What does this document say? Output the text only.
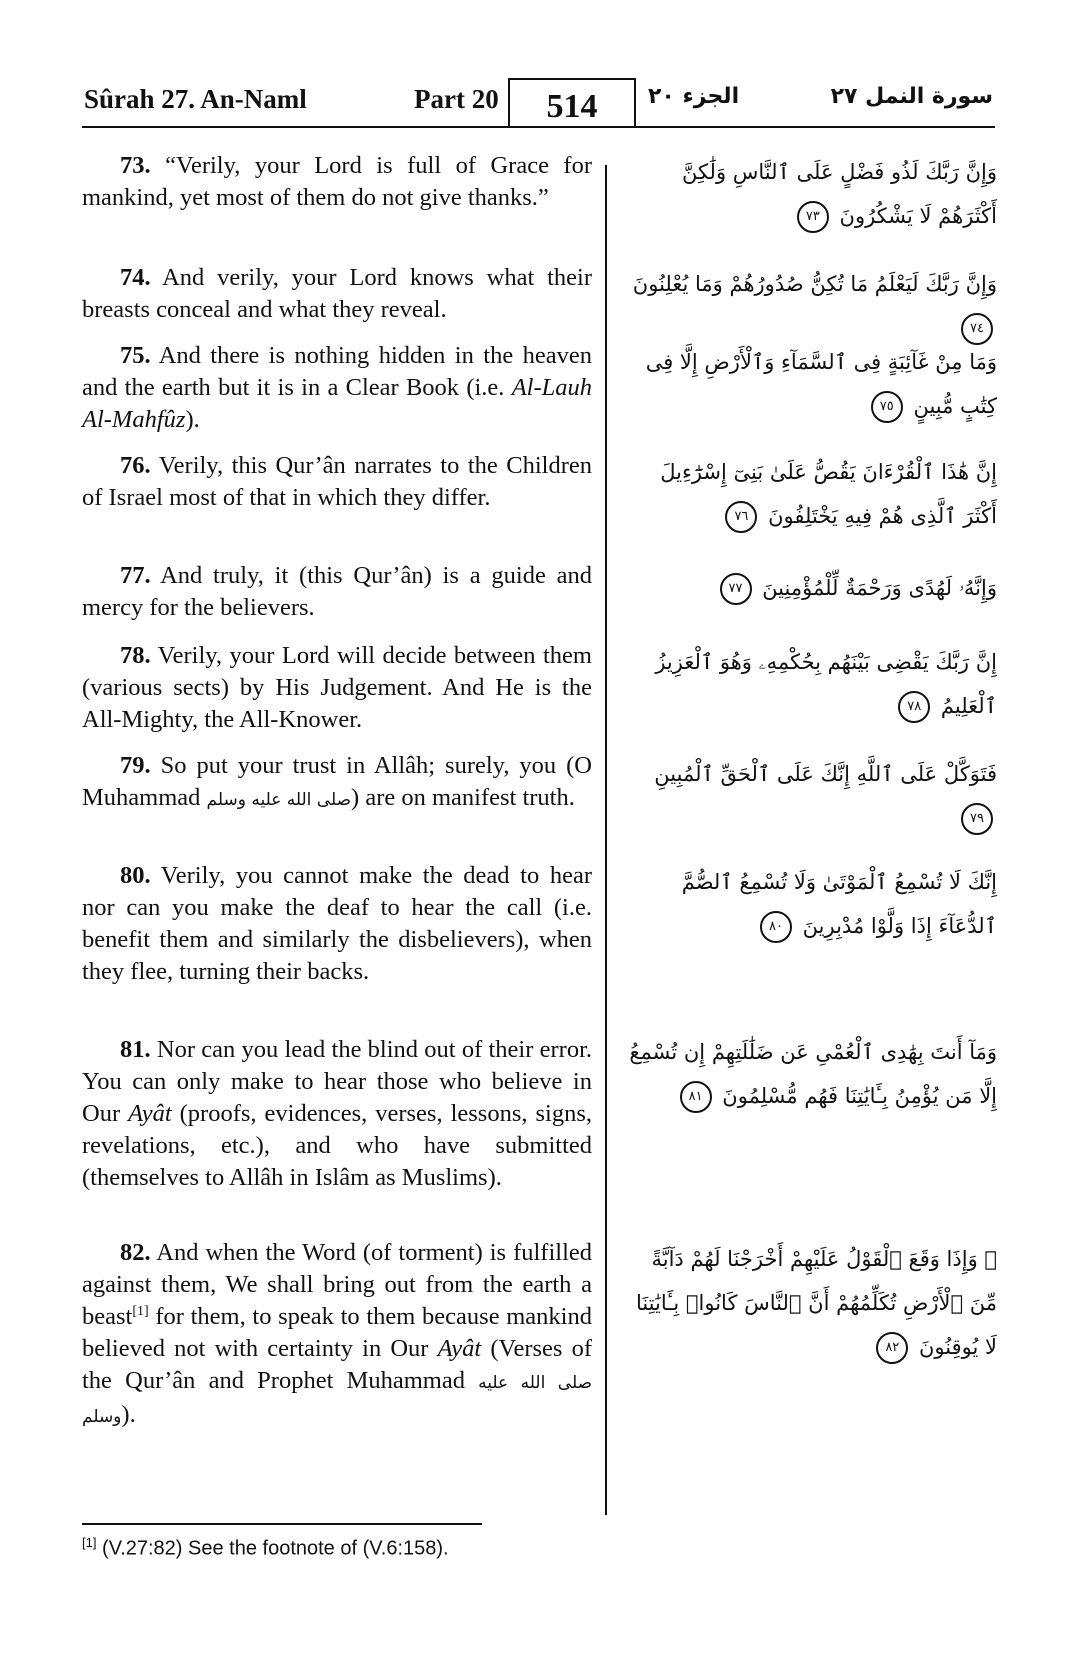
Sûrah 27. An-Naml	Part 20	514	الجزء ٢٠	سورة النمل ٢٧
73. “Verily, your Lord is full of Grace for mankind, yet most of them do not give thanks.”
وَإِنَّ رَبَّكَ لَذُو فَضْلٍ عَلَى ٱلنَّاسِ وَلَٰكِنَّ أَكْثَرَهُمْ لَا يَشْكُرُونَ ٧٣
74. And verily, your Lord knows what their breasts conceal and what they reveal.
وَإِنَّ رَبَّكَ لَيَعْلَمُ مَا تُكِنُّ صُدُورُهُمْ وَمَا يُعْلِنُونَ ٧٤
75. And there is nothing hidden in the heaven and the earth but it is in a Clear Book (i.e. Al-Lauh Al-Mahfûz).
وَمَا مِنْ غَآئِبَةٍ فِى ٱلسَّمَآءِ وَٱلْأَرْضِ إِلَّا فِى كِتَٰبٍ مُّبِينٍ ٧٥
76. Verily, this Qur’ân narrates to the Children of Israel most of that in which they differ.
إِنَّ هَٰذَا ٱلْقُرْءَانَ يَقُصُّ عَلَىٰ بَنِىٓ إِسْرَٰٓءِيلَ أَكْثَرَ ٱلَّذِى هُمْ فِيهِ يَخْتَلِفُونَ ٧٦
77. And truly, it (this Qur’ân) is a guide and mercy for the believers.
وَإِنَّهُۥ لَهُدًى وَرَحْمَةٌ لِّلْمُؤْمِنِينَ ٧٧
78. Verily, your Lord will decide between them (various sects) by His Judgement. And He is the All-Mighty, the All-Knower.
إِنَّ رَبَّكَ يَقْضِى بَيْنَهُم بِحُكْمِهِۦ وَهُوَ ٱلْعَزِيزُ ٱلْعَلِيمُ ٧٨
79. So put your trust in Allâh; surely, you (O Muhammad صلى الله عليه وسلم) are on manifest truth.
فَتَوَكَّلْ عَلَى ٱللَّهِ إِنَّكَ عَلَى ٱلْحَقِّ ٱلْمُبِينِ ٧٩
80. Verily, you cannot make the dead to hear nor can you make the deaf to hear the call (i.e. benefit them and similarly the disbelievers), when they flee, turning their backs.
إِنَّكَ لَا تُسْمِعُ ٱلْمَوْتَىٰ وَلَا تُسْمِعُ ٱلصُّمَّ ٱلدُّعَآءَ إِذَا وَلَّوْا مُدْبِرِينَ ٨٠
81. Nor can you lead the blind out of their error. You can only make to hear those who believe in Our Ayât (proofs, evidences, verses, lessons, signs, revelations, etc.), and who have submitted (themselves to Allâh in Islâm as Muslims).
وَمَآ أَنتَ بِهَٰدِى ٱلْعُمْىِ عَن ضَلَٰلَتِهِمْ إِن تُسْمِعُ إِلَّا مَن يُؤْمِنُ بِـَٔايَٰتِنَا فَهُم مُّسْلِمُونَ ٨١
82. And when the Word (of torment) is fulfilled against them, We shall bring out from the earth a beast[1] for them, to speak to them because mankind believed not with certainty in Our Ayât (Verses of the Qur’ân and Prophet Muhammad صلى الله عليه وسلم).
۞ وَإِذَا وَقَعَ ٱلْقَوْلُ عَلَيْهِمْ أَخْرَجْنَا لَهُمْ دَآبَّةً مِّنَ ٱلْأَرْضِ تُكَلِّمُهُمْ أَنَّ ٱلنَّاسَ كَانُوا۟ بِـَٔايَٰتِنَا لَا يُوقِنُونَ ٨٢
[1] (V.27:82) See the footnote of (V.6:158).
